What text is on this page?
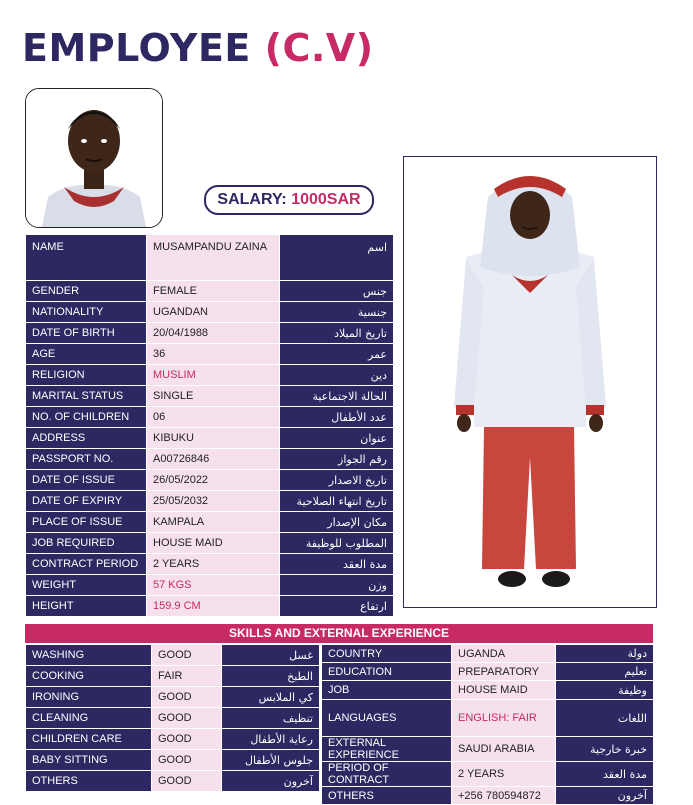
EMPLOYEE (C.V)
SALARY: 1000SAR
NAME	MUSAMPANDU ZAINA	اسم
GENDER	FEMALE	جنس
NATIONALITY	UGANDAN	جنسية
DATE OF BIRTH	20/04/1988	تاريخ الميلاد
AGE	36	عمر
RELIGION	MUSLIM	دين
MARITAL STATUS	SINGLE	الحالة الاجتماعية
NO. OF CHILDREN	06	عدد الأطفال
ADDRESS	KIBUKU	عنوان
PASSPORT NO.	A00726846	رقم الجواز
DATE OF ISSUE	26/05/2022	تاريخ الاصدار
DATE OF EXPIRY	25/05/2032	تاريخ انتهاء الصلاحية
PLACE OF ISSUE	KAMPALA	مكان الإصدار
JOB REQUIRED	HOUSE MAID	المطلوب للوظيفة
CONTRACT PERIOD	2 YEARS	مدة العقد
WEIGHT	57 KGS	وزن
HEIGHT	159.9 CM	ارتفاع
SKILLS AND EXTERNAL EXPERIENCE
WASHING	GOOD	غسل
COOKING	FAIR	الطبخ
IRONING	GOOD	كي الملابس
CLEANING	GOOD	تنظيف
CHILDREN CARE	GOOD	رعاية الأطفال
BABY SITTING	GOOD	جلوس الأطفال
OTHERS	GOOD	آخرون
COUNTRY	UGANDA	دولة
EDUCATION	PREPARATORY	تعليم
JOB	HOUSE MAID	وظيفة
LANGUAGES	ENGLISH: FAIR	اللغات
EXTERNAL EXPERIENCE	SAUDI ARABIA	خبرة خارجية
PERIOD OF CONTRACT	2 YEARS	مدة العقد
OTHERS	+256 780594872	آخرون
